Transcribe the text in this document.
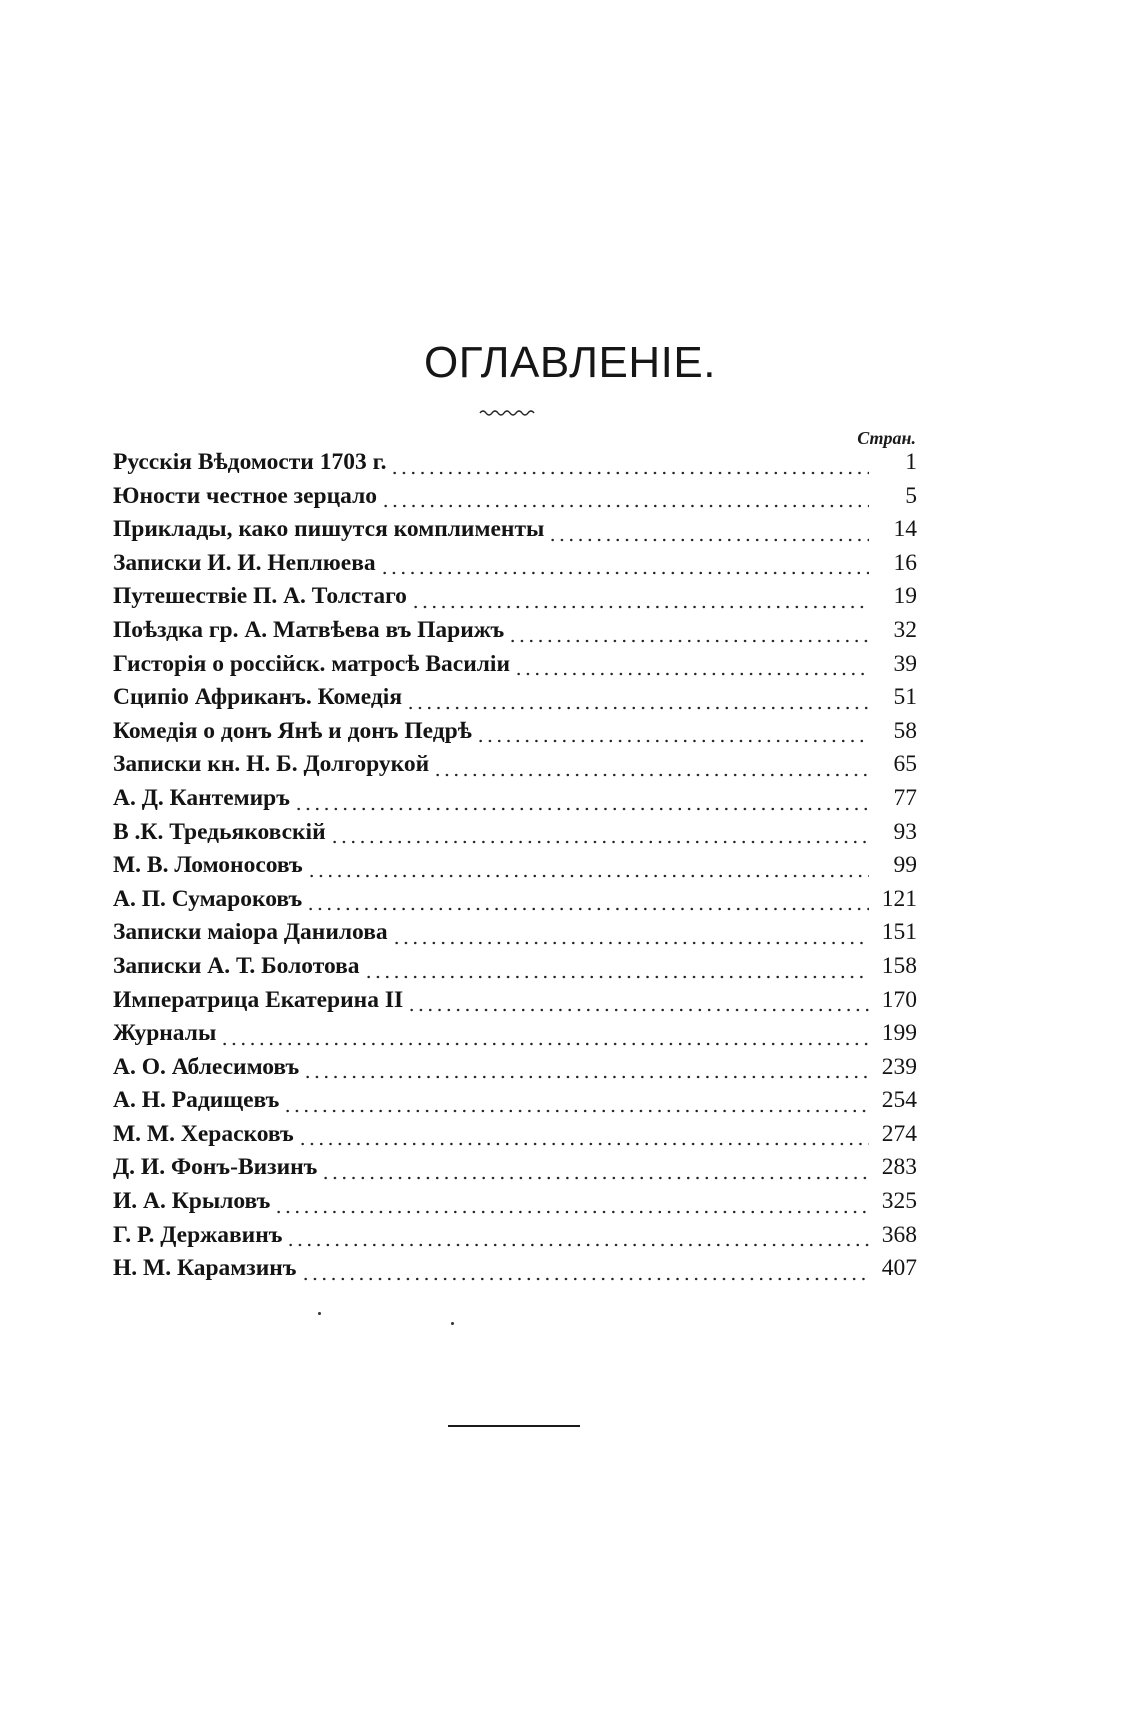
ОГЛАВЛЕНІЕ.
Стран.
Русскія Вѣдомости 1703 г.	1
Юности честное зерцало	5
Приклады, како пишутся комплименты	14
Записки И. И. Неплюева	16
Путешествіе П. А. Толстаго	19
Поѣздка гр. А. Матвѣева въ Парижъ	32
Гисторія о россійск. матросѣ Василіи	39
Сципіо Африканъ. Комедія	51
Комедія о донъ Янѣ и донъ Педрѣ	58
Записки кн. Н. Б. Долгорукой	65
А. Д. Кантемиръ	77
В .К. Тредьяковскій	93
М. В. Ломоносовъ	99
А. П. Сумароковъ	121
Записки маіора Данилова	151
Записки А. Т. Болотова	158
Императрица Екатерина II	170
Журналы	199
А. О. Аблесимовъ	239
А. Н. Радищевъ	254
М. М. Херасковъ	274
Д. И. Фонъ-Визинъ	283
И. А. Крыловъ	325
Г. Р. Державинъ	368
Н. М. Карамзинъ	407
